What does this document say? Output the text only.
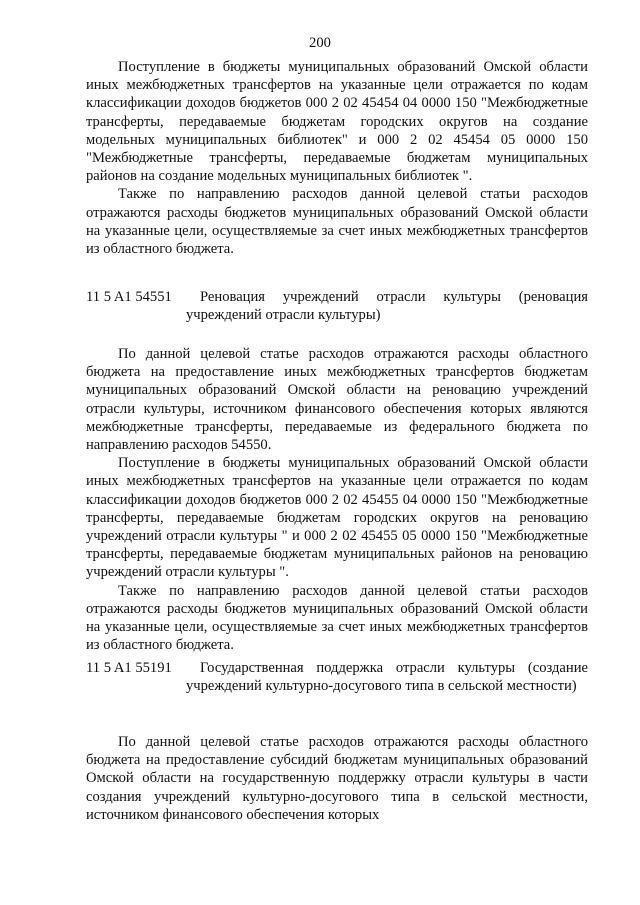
200

Поступление в бюджеты муниципальных образований Омской области иных межбюджетных трансфертов на указанные цели отражается по кодам классификации доходов бюджетов 000 2 02 45454 04 0000 150 "Межбюджетные трансферты, передаваемые бюджетам городских округов на создание модельных муниципальных библиотек" и 000 2 02 45454 05 0000 150 "Межбюджетные трансферты, передаваемые бюджетам муниципальных районов на создание модельных муниципальных библиотек ".

Также по направлению расходов данной целевой статьи расходов отражаются расходы бюджетов муниципальных образований Омской области на указанные цели, осуществляемые за счет иных межбюджетных трансфертов из областного бюджета.

11 5 A1 54551	Реновация учреждений отрасли культуры (реновация учреждений отрасли культуры)

По данной целевой статье расходов отражаются расходы областного бюджета на предоставление иных межбюджетных трансфертов бюджетам муниципальных образований Омской области на реновацию учреждений отрасли культуры, источником финансового обеспечения которых являются межбюджетные трансферты, передаваемые из федерального бюджета по направлению расходов 54550.

Поступление в бюджеты муниципальных образований Омской области иных межбюджетных трансфертов на указанные цели отражается по кодам классификации доходов бюджетов 000 2 02 45455 04 0000 150 "Межбюджетные трансферты, передаваемые бюджетам городских округов на реновацию учреждений отрасли культуры " и 000 2 02 45455 05 0000 150 "Межбюджетные трансферты, передаваемые бюджетам муниципальных районов на реновацию учреждений отрасли культуры ".

Также по направлению расходов данной целевой статьи расходов отражаются расходы бюджетов муниципальных образований Омской области на указанные цели, осуществляемые за счет иных межбюджетных трансфертов из областного бюджета.

11 5 A1 55191	Государственная поддержка отрасли культуры (создание учреждений культурно-досугового типа в сельской местности)

По данной целевой статье расходов отражаются расходы областного бюджета на предоставление субсидий бюджетам муниципальных образований Омской области на государственную поддержку отрасли культуры в части создания учреждений культурно-досугового типа в сельской местности, источником финансового обеспечения которых
